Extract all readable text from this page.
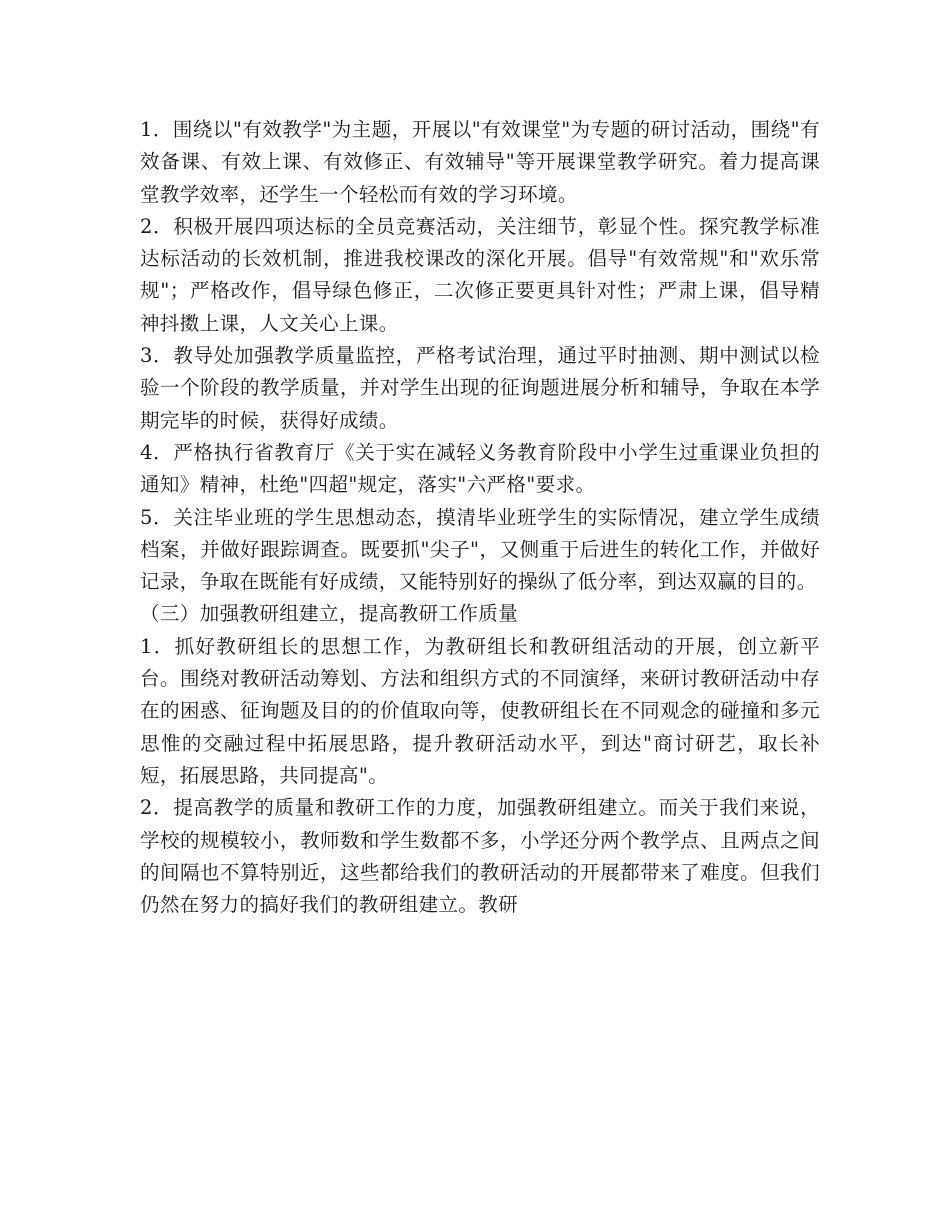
1．围绕以"有效教学"为主题，开展以"有效课堂"为专题的研讨活动，围绕"有效备课、有效上课、有效修正、有效辅导"等开展课堂教学研究。着力提高课堂教学效率，还学生一个轻松而有效的学习环境。

2．积极开展四项达标的全员竞赛活动，关注细节，彰显个性。探究教学标准达标活动的长效机制，推进我校课改的深化开展。倡导"有效常规"和"欢乐常规"；严格改作，倡导绿色修正，二次修正要更具针对性；严肃上课，倡导精神抖擞上课，人文关心上课。

3．教导处加强教学质量监控，严格考试治理，通过平时抽测、期中测试以检验一个阶段的教学质量，并对学生出现的征询题进展分析和辅导，争取在本学期完毕的时候，获得好成绩。

4．严格执行省教育厅《关于实在减轻义务教育阶段中小学生过重课业负担的通知》精神，杜绝"四超"规定，落实"六严格"要求。

5．关注毕业班的学生思想动态，摸清毕业班学生的实际情况，建立学生成绩档案，并做好跟踪调查。既要抓"尖子"，又侧重于后进生的转化工作，并做好记录，争取在既能有好成绩，又能特别好的操纵了低分率，到达双赢的目的。

（三）加强教研组建立，提高教研工作质量

1．抓好教研组长的思想工作，为教研组长和教研组活动的开展，创立新平台。围绕对教研活动筹划、方法和组织方式的不同演绎，来研讨教研活动中存在的困惑、征询题及目的的价值取向等，使教研组长在不同观念的碰撞和多元思惟的交融过程中拓展思路，提升教研活动水平，到达"商讨研艺，取长补短，拓展思路，共同提高"。

2．提高教学的质量和教研工作的力度，加强教研组建立。而关于我们来说，学校的规模较小，教师数和学生数都不多，小学还分两个教学点、且两点之间的间隔也不算特别近，这些都给我们的教研活动的开展都带来了难度。但我们仍然在努力的搞好我们的教研组建立。教研
